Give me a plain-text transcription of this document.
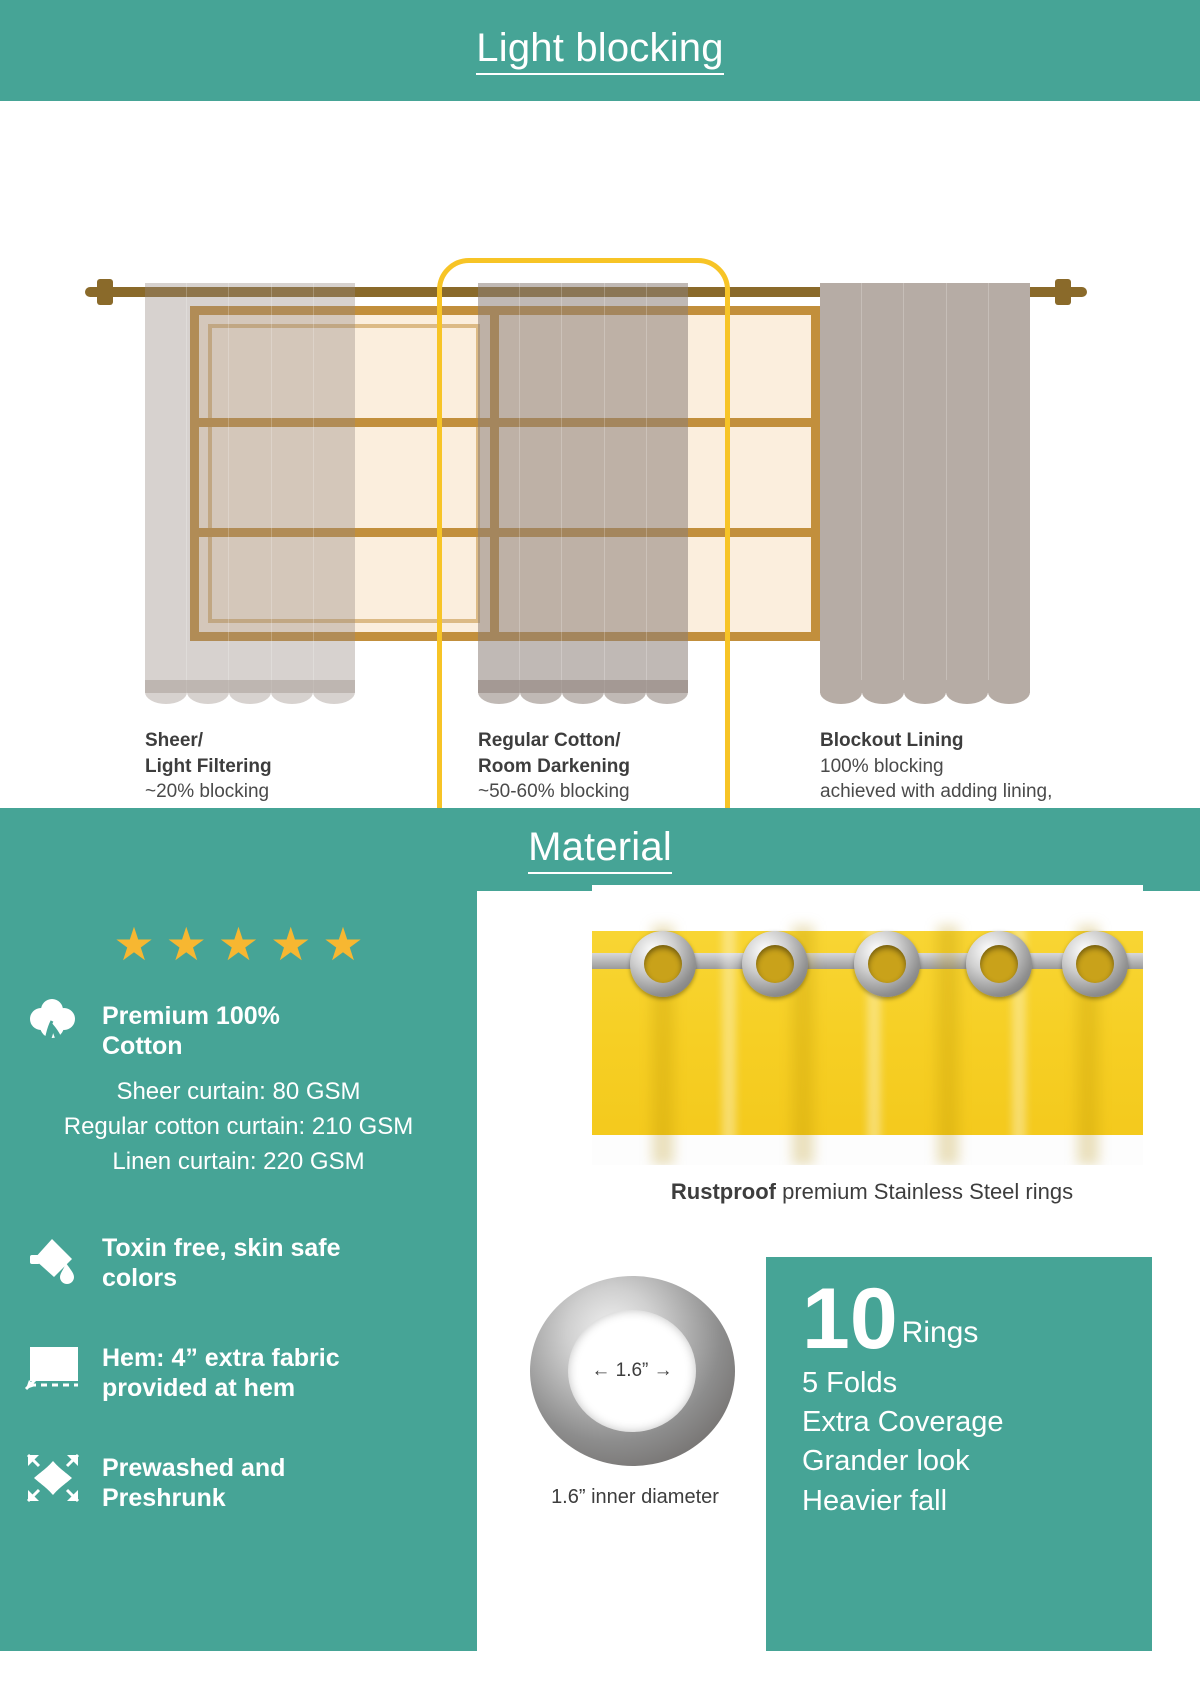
Light blocking
Sheer/
Light Filtering
~20% blocking

Regular Cotton/
Room Darkening
~50-60% blocking

Blockout Lining
100% blocking
achieved with adding lining,

Material
★ ★ ★ ★ ★
Premium 100%
Cotton
Sheer curtain: 80 GSM
Regular cotton curtain: 210 GSM
Linen curtain: 220 GSM
Toxin free, skin safe
colors
Hem: 4” extra fabric
provided at hem
Prewashed and
Preshrunk
Rustproof premium Stainless Steel rings
← 1.6” →
1.6” inner diameter
10 Rings
5 Folds
Extra Coverage
Grander look
Heavier fall
